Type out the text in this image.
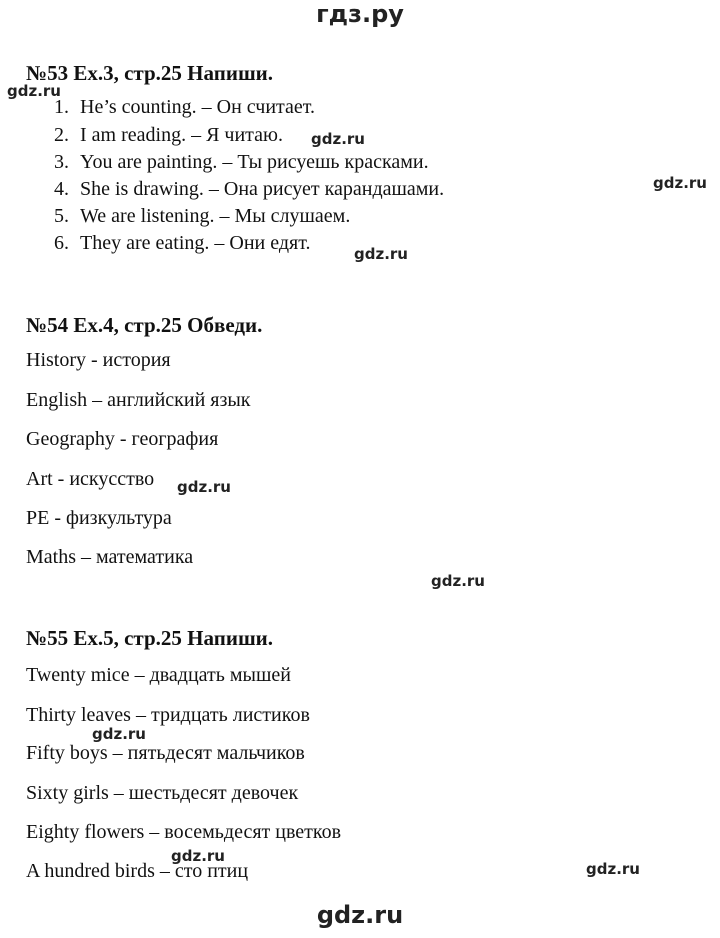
гдз.ру
№53 Ex.3, стр.25 Напиши.
gdz.ru
1. He’s counting. – Он считает.
2. I am reading. – Я читаю. gdz.ru
3. You are painting. – Ты рисуешь красками.
gdz.ru
4. She is drawing. – Она рисует карандашами.
5. We are listening. – Мы слушаем.
6. They are eating. – Они едят.	gdz.ru
№54 Ex.4, стр.25 Обведи.
History - история
English – английский язык
Geography - география
Art - искусство gdz.ru
PE - физкультура
Maths – математика
gdz.ru
№55 Ex.5, стр.25 Напиши.
Twenty mice – двадцать мышей
Thirty leaves – тридцать листиков
gdz.ru
Fifty boys – пятьдесят мальчиков
Sixty girls – шестьдесят девочек
Eighty flowers – восемьдесят цветков
gdz.ru
A hundred birds – сто птиц	gdz.ru
gdz.ru
